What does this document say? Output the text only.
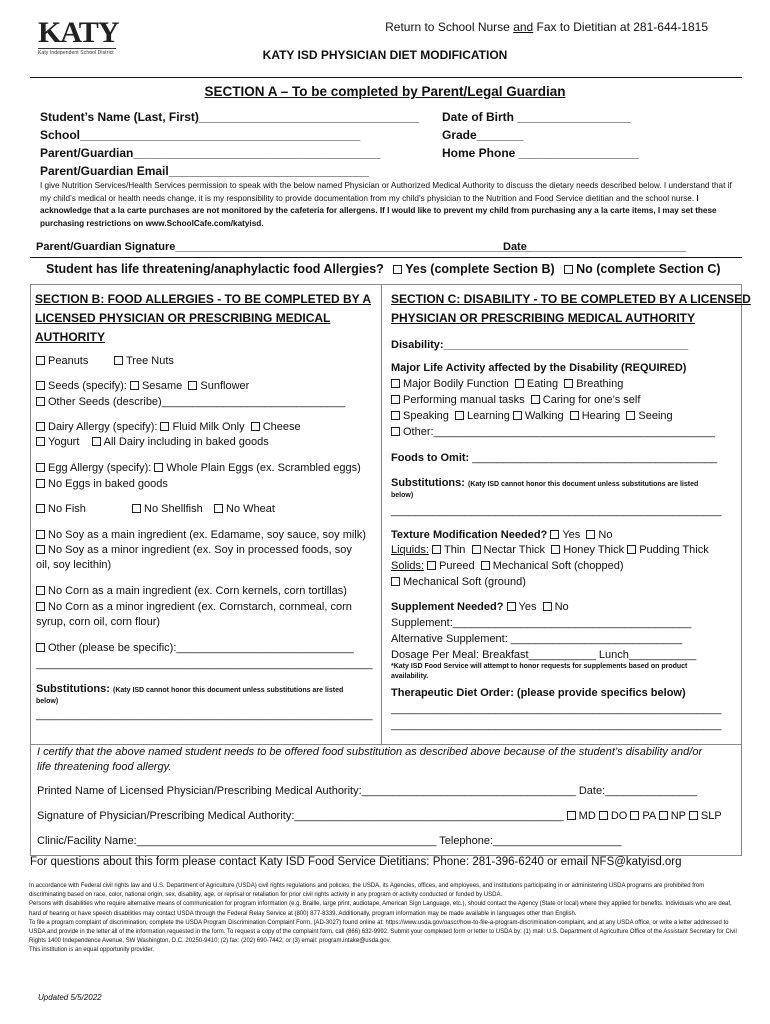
KATY
Katy Independent School District
Return to School Nurse and Fax to Dietitian at 281-644-1815
KATY ISD PHYSICIAN DIET MODIFICATION
SECTION A – To be completed by Parent/Legal Guardian
Student’s Name (Last, First)_________________________________ Date of Birth _________________
School__________________________________________	Grade_______
Parent/Guardian_____________________________________	Home Phone __________________
Parent/Guardian Email______________________________
I give Nutrition Services/Health Services permission to speak with the below named Physician or Authorized Medical Authority to discuss the dietary needs described below. I understand that if my child’s medical or health needs change, it is my responsibility to provide documentation from my child’s physician to the Nutrition and Food Service dietitian and the school nurse. I acknowledge that a la carte purchases are not monitored by the cafeteria for allergens. If I would like to prevent my child from purchasing any a la carte items, I may set these purchasing restrictions on www.SchoolCafe.com/katyisd.
Parent/Guardian Signature__________________________________________________________
Date__________________________
Student has life threatening/anaphylactic food Allergies? Yes (complete Section B) No (complete Section C)
SECTION B: FOOD ALLERGIES - TO BE COMPLETED BY A
LICENSED PHYSICIAN OR PRESCRIBING MEDICAL
AUTHORITY
Peanuts	Tree Nuts
Seeds (specify): Sesame Sunflower
Other Seeds (describe)______________________________
Dairy Allergy (specify): Fluid Milk Only Cheese
Yogurt All Dairy including in baked goods
Egg Allergy (specify): Whole Plain Eggs (ex. Scrambled eggs)
No Eggs in baked goods
No Fish	No Shellfish	No Wheat
No Soy as a main ingredient (ex. Edamame, soy sauce, soy milk)
No Soy as a minor ingredient (ex. Soy in processed foods, soy
oil, soy lecithin)
No Corn as a main ingredient (ex. Corn kernels, corn tortillas)
No Corn as a minor ingredient (ex. Cornstarch, cornmeal, corn
syrup, corn oil, corn flour)
Other (please be specific):_____________________________
_______________________________________________________
Substitutions: (Katy ISD cannot honor this document unless substitutions are listed
below)
_______________________________________________________
SECTION C: DISABILITY - TO BE COMPLETED BY A LICENSED
PHYSICIAN OR PRESCRIBING MEDICAL AUTHORITY
Disability:________________________________________
Major Life Activity affected by the Disability (REQUIRED)
Major Bodily Function Eating Breathing
Performing manual tasks Caring for one’s self
Speaking Learning Walking Hearing Seeing
Other:______________________________________________
Foods to Omit: ________________________________________
Substitutions: (Katy ISD cannot honor this document unless substitutions are listed
below)
______________________________________________________
Texture Modification Needed? Yes No
Liquids: Thin Nectar Thick Honey Thick Pudding Thick
Solids: Pureed Mechanical Soft (chopped)
Mechanical Soft (ground)
Supplement Needed? Yes No
Supplement:_______________________________________
Alternative Supplement: ____________________________
Dosage Per Meal: Breakfast___________ Lunch___________
*Katy ISD Food Service will attempt to honor requests for supplements based on product
availability.
Therapeutic Diet Order: (please provide specifics below)
______________________________________________________
______________________________________________________
I certify that the above named student needs to be offered food substitution as described above because of the student’s disability and/or life threatening food allergy.
Printed Name of Licensed Physician/Prescribing Medical Authority:___________________________________ Date:_______________
Signature of Physician/Prescribing Medical Authority:____________________________________________ MD DO PA NP SLP
Clinic/Facility Name:_________________________________________________ Telephone:_____________________
For questions about this form please contact Katy ISD Food Service Dietitians: Phone: 281-396-6240 or email NFS@katyisd.org
In accordance with Federal civil rights law and U.S. Department of Agriculture (USDA) civil rights regulations and policies, the USDA, its Agencies, offices, and employees, and institutions participating in or administering USDA programs are prohibited from discriminating based on race, color, national origin, sex, disability, age, or reprisal or retaliation for prior civil rights activity in any program or activity conducted or funded by USDA.
Persons with disabilities who require alternative means of communication for program information (e.g. Braille, large print, audiotape, American Sign Language, etc.), should contact the Agency (State or local) where they applied for benefits. Individuals who are deaf, hard of hearing or have speech disabilities may contact USDA through the Federal Relay Service at (800) 877-8339. Additionally, program information may be made available in languages other than English.
To file a program complaint of discrimination, complete the USDA Program Discrimination Complaint Form, (AD-3027) found online at: https://www.usda.gov/oascr/how-to-file-a-program-discrimination-complaint, and at any USDA office, or write a letter addressed to USDA and provide in the letter all of the information requested in the form. To request a copy of the complaint form, call (866) 632-9992. Submit your completed form or letter to USDA by: (1) mail: U.S. Department of Agriculture Office of the Assistant Secretary for Civil Rights 1400 Independence Avenue, SW Washington, D.C. 20250-9410; (2) fax: (202) 690-7442; or (3) email: program.intake@usda.gov.
This institution is an equal opportunity provider.
Updated 5/5/2022
